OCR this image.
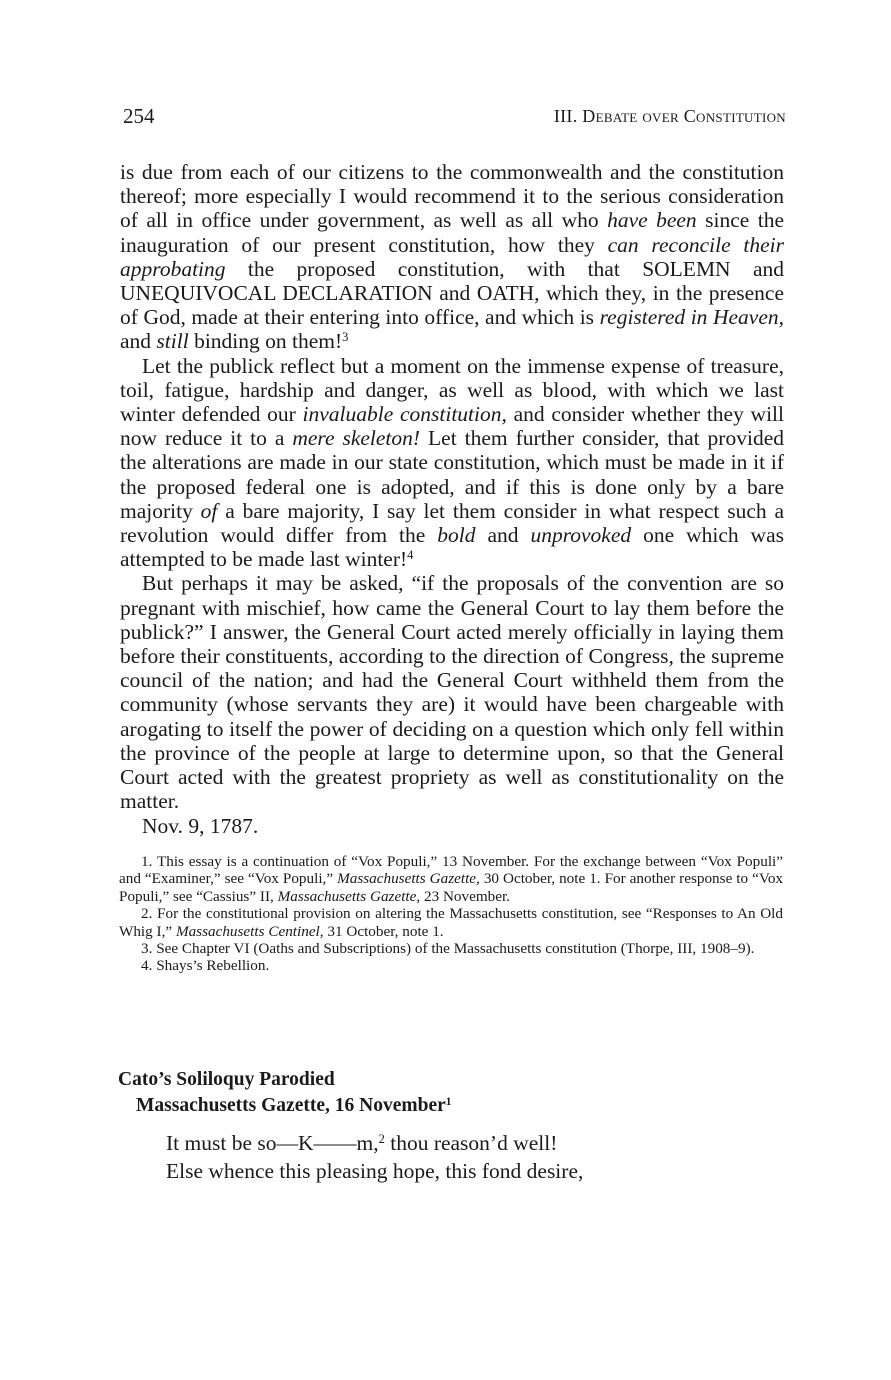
254	III. Debate over Constitution

is due from each of our citizens to the commonwealth and the constitution thereof; more especially I would recommend it to the serious consideration of all in office under government, as well as all who have been since the inauguration of our present constitution, how they can reconcile their approbating the proposed constitution, with that SOLEMN and UNEQUIVOCAL DECLARATION and OATH, which they, in the presence of God, made at their entering into office, and which is registered in Heaven, and still binding on them!$^3$

Let the publick reflect but a moment on the immense expense of treasure, toil, fatigue, hardship and danger, as well as blood, with which we last winter defended our invaluable constitution, and consider whether they will now reduce it to a mere skeleton! Let them further consider, that provided the alterations are made in our state constitution, which must be made in it if the proposed federal one is adopted, and if this is done only by a bare majority of a bare majority, I say let them consider in what respect such a revolution would differ from the bold and unprovoked one which was attempted to be made last winter!$^4$

But perhaps it may be asked, “if the proposals of the convention are so pregnant with mischief, how came the General Court to lay them before the publick?” I answer, the General Court acted merely officially in laying them before their constituents, according to the direction of Congress, the supreme council of the nation; and had the General Court withheld them from the community (whose servants they are) it would have been chargeable with arogating to itself the power of deciding on a question which only fell within the province of the people at large to determine upon, so that the General Court acted with the greatest propriety as well as constitutionality on the matter.

Nov. 9, 1787.

1. This essay is a continuation of “Vox Populi,” 13 November. For the exchange between “Vox Populi” and “Examiner,” see “Vox Populi,” Massachusetts Gazette, 30 October, note 1. For another response to “Vox Populi,” see “Cassius” II, Massachusetts Gazette, 23 November.

2. For the constitutional provision on altering the Massachusetts constitution, see “Responses to An Old Whig I,” Massachusetts Centinel, 31 October, note 1.

3. See Chapter VI (Oaths and Subscriptions) of the Massachusetts constitution (Thorpe, III, 1908–9).

4. Shays’s Rebellion.

Cato’s Soliloquy Parodied
Massachusetts Gazette, 16 November$^1$
It must be so—K——m,$^2$ thou reason’d well!
Else whence this pleasing hope, this fond desire,
